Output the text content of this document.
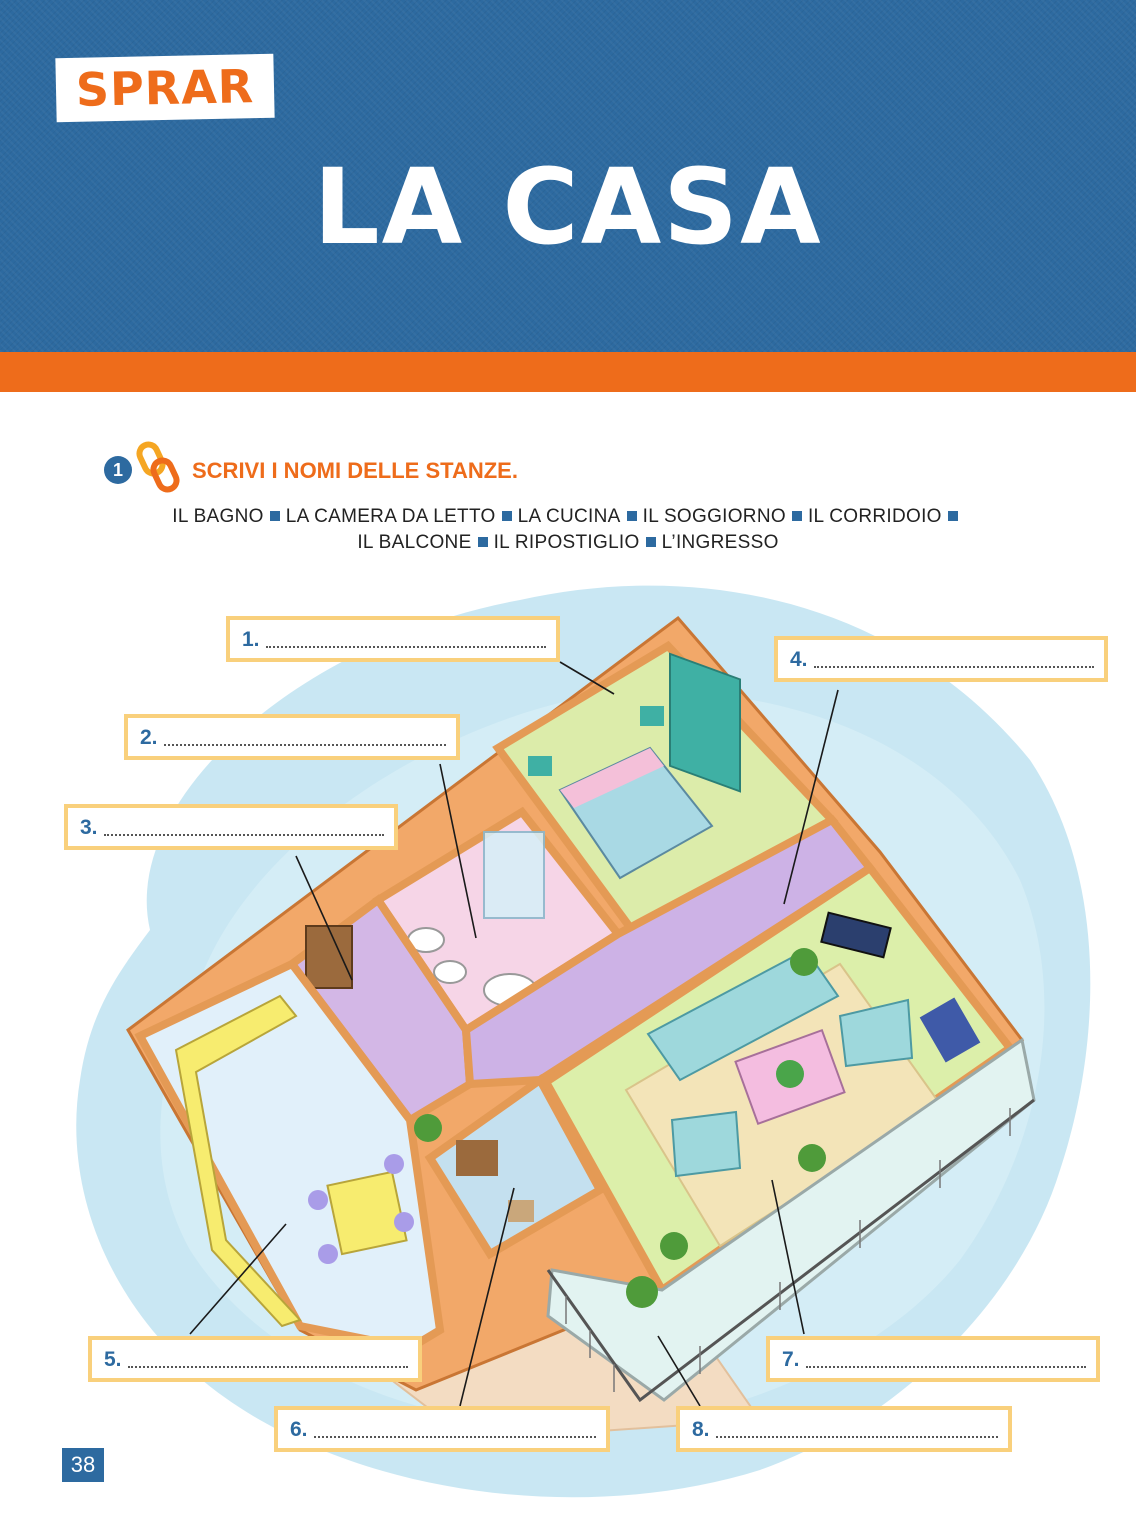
SPRAR
LA CASA
1	SCRIVI I NOMI DELLE STANZE.
IL BAGNO LA CAMERA DA LETTO LA CUCINA IL SOGGIORNO IL CORRIDOIO
IL BALCONE IL RIPOSTIGLIO L’INGRESSO
1.
4.
2.
3.
5.	7.
6.	8.
38
